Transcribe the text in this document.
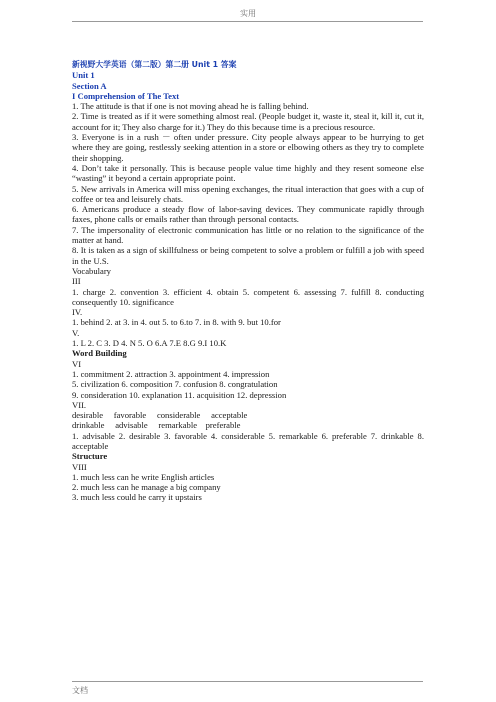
实用

新视野大学英语（第二版）第二册 Unit 1 答案

Unit 1

Section A

I Comprehension of The Text

1. The attitude is that if one is not moving ahead he is falling behind.

2. Time is treated as if it were something almost real. (People budget it, waste it, steal it, kill it, cut it, account for it; They also charge for it.) They do this because time is a precious resource.

3. Everyone is in a rush － often under pressure. City people always appear to be hurrying to get where they are going, restlessly seeking attention in a store or elbowing others as they try to complete their shopping.

4. Don’t take it personally. This is because people value time highly and they resent someone else “wasting” it beyond a certain appropriate point.

5. New arrivals in America will miss opening exchanges, the ritual interaction that goes with a cup of coffee or tea and leisurely chats.

6. Americans produce a steady flow of labor-saving devices. They communicate rapidly through faxes, phone calls or emails rather than through personal contacts.

7. The impersonality of electronic communication has little or no relation to the significance of the matter at hand.

8. It is taken as a sign of skillfulness or being competent to solve a problem or fulfill a job with speed in the U.S.

Vocabulary

III

1. charge 2. convention 3. efficient 4. obtain 5. competent 6. assessing 7. fulfill 8. conducting consequently 10. significance

IV.

1. behind 2. at 3. in 4. out 5. to 6.to 7. in 8. with 9. but 10.for

V.

1. L 2. C 3. D 4. N 5. O 6.A 7.E 8.G 9.I 10.K

Word Building

VI

1. commitment 2. attraction 3. appointment 4. impression

5. civilization 6. composition 7. confusion 8. congratulation

9. consideration 10. explanation 11. acquisition 12. depression

VII.

desirable     favorable     considerable     acceptable

drinkable     advisable     remarkable    preferable

1. advisable 2. desirable 3. favorable 4. considerable 5. remarkable 6. preferable 7. drinkable 8. acceptable

Structure

VIII

1. much less can he write English articles

2. much less can he manage a big company

3. much less could he carry it upstairs

文档
